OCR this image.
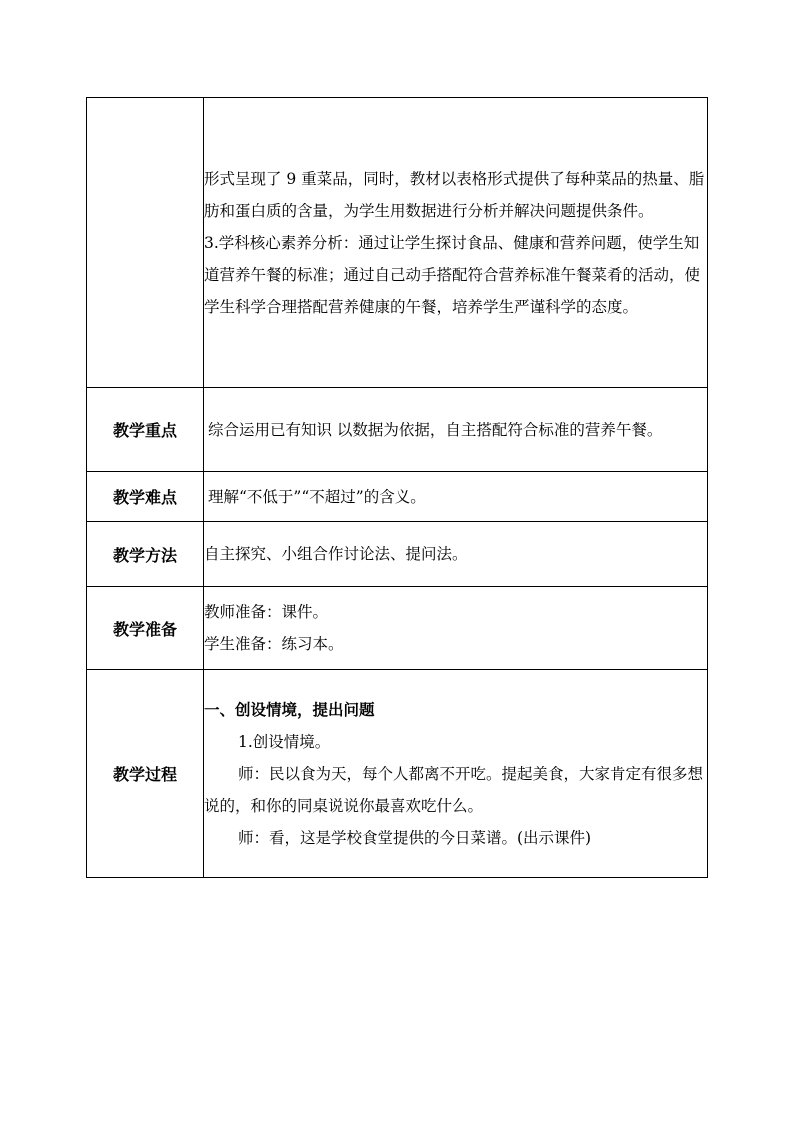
	形式呈现了 9 重菜品，同时，教材以表格形式提供了每种菜品的热量、脂肪和蛋白质的含量，为学生用数据进行分析并解决问题提供条件。

3.学科核心素养分析：通过让学生探讨食品、健康和营养问题，使学生知道营养午餐的标准；通过自己动手搭配符合营养标准午餐菜肴的活动，使学生科学合理搭配营养健康的午餐，培养学生严谨科学的态度。

教学重点	综合运用已有知识 以数据为依据，自主搭配符合标准的营养午餐。

教学难点	理解“不低于”“不超过”的含义。

教学方法	自主探究、小组合作讨论法、提问法。

教学准备	教师准备：课件。

学生准备：练习本。

教学过程	一、创设情境，提出问题

1.创设情境。

师：民以食为天，每个人都离不开吃。提起美食，大家肯定有很多想说的，和你的同桌说说你最喜欢吃什么。

师：看，这是学校食堂提供的今日菜谱。(出示课件)
